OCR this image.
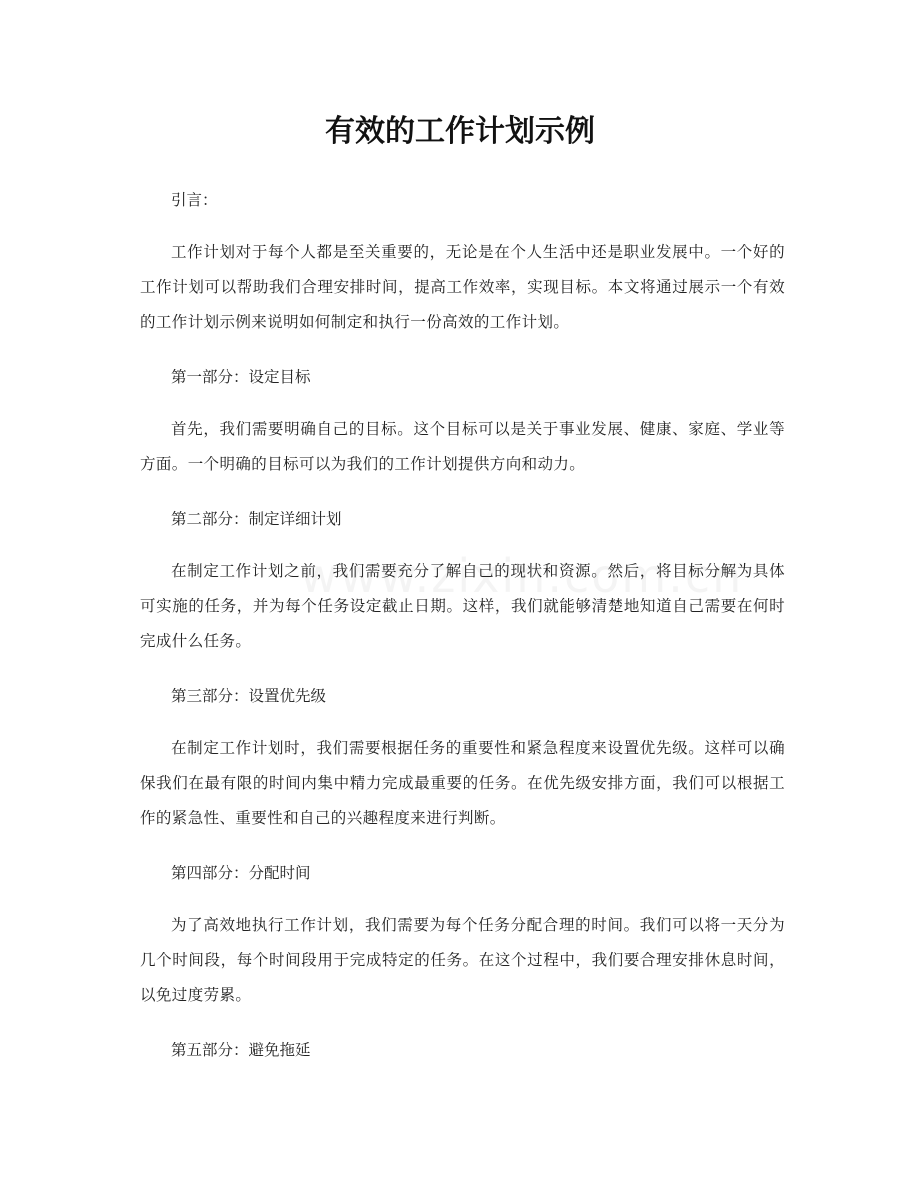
有效的工作计划示例

引言：

工作计划对于每个人都是至关重要的，无论是在个人生活中还是职业发展中。一个好的工作计划可以帮助我们合理安排时间，提高工作效率，实现目标。本文将通过展示一个有效的工作计划示例来说明如何制定和执行一份高效的工作计划。

第一部分：设定目标

首先，我们需要明确自己的目标。这个目标可以是关于事业发展、健康、家庭、学业等方面。一个明确的目标可以为我们的工作计划提供方向和动力。

第二部分：制定详细计划

在制定工作计划之前，我们需要充分了解自己的现状和资源。然后，将目标分解为具体可实施的任务，并为每个任务设定截止日期。这样，我们就能够清楚地知道自己需要在何时完成什么任务。

第三部分：设置优先级

在制定工作计划时，我们需要根据任务的重要性和紧急程度来设置优先级。这样可以确保我们在最有限的时间内集中精力完成最重要的任务。在优先级安排方面，我们可以根据工作的紧急性、重要性和自己的兴趣程度来进行判断。

第四部分：分配时间

为了高效地执行工作计划，我们需要为每个任务分配合理的时间。我们可以将一天分为几个时间段，每个时间段用于完成特定的任务。在这个过程中，我们要合理安排休息时间，以免过度劳累。

第五部分：避免拖延
